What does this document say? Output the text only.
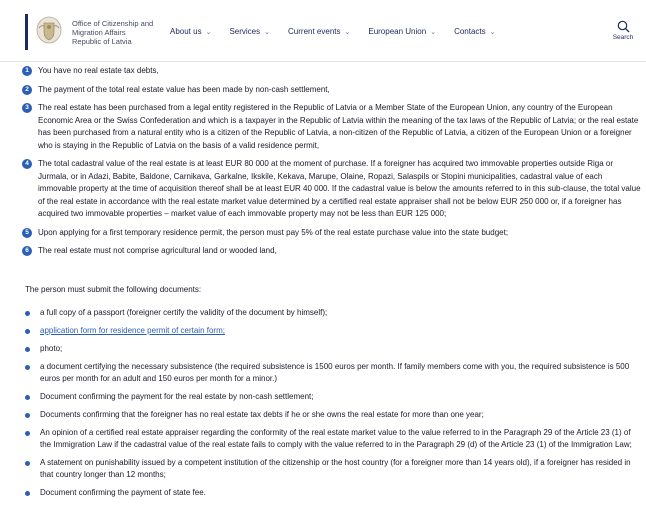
Office of Citizenship and
Migration Affairs
Republic of Latvia
About us ⌄ Services ⌄ Current events ⌄ European Union ⌄ Contacts ⌄
Search
1	You have no real estate tax debts,
2	The payment of the total real estate value has been made by non-cash settlement,
3	The real estate has been purchased from a legal entity registered in the Republic of Latvia or a Member State of the European Union, any country of the European Economic Area or the Swiss Confederation and which is a taxpayer in the Republic of Latvia within the meaning of the tax laws of the Republic of Latvia; or the real estate has been purchased from a natural entity who is a citizen of the Republic of Latvia, a non-citizen of the Republic of Latvia, a citizen of the European Union or a foreigner who is staying in the Republic of Latvia on the basis of a valid residence permit,
4	The total cadastral value of the real estate is at least EUR 80 000 at the moment of purchase. If a foreigner has acquired two immovable properties outside Riga or Jurmala, or in Adazi, Babite, Baldone, Carnikava, Garkalne, Ikskile, Kekava, Marupe, Olaine, Ropazi, Salaspils or Stopini municipalities, cadastral value of each immovable property at the time of acquisition thereof shall be at least EUR 40 000. If the cadastral value is below the amounts referred to in this sub-clause, the total value of the real estate in accordance with the real estate market value determined by a certified real estate appraiser shall not be below EUR 250 000 or, if a foreigner has acquired two immovable properties – market value of each immovable property may not be less than EUR 125 000;
5	Upon applying for a first temporary residence permit, the person must pay 5% of the real estate purchase value into the state budget;
6	The real estate must not comprise agricultural land or wooded land,
The person must submit the following documents:
a full copy of a passport (foreigner certify the validity of the document by himself);
application form for residence permit of certain form;
photo;
a document certifying the necessary subsistence (the required subsistence is 1500 euros per month. If family members come with you, the required subsistence is 500 euros per month for an adult and 150 euros per month for a minor.)
Document confirming the payment for the real estate by non-cash settlement;
Documents confirming that the foreigner has no real estate tax debts if he or she owns the real estate for more than one year;
An opinion of a certified real estate appraiser regarding the conformity of the real estate market value to the value referred to in the Paragraph 29 of the Article 23 (1) of the Immigration Law if the cadastral value of the real estate fails to comply with the value referred to in the Paragraph 29 (d) of the Article 23 (1) of the Immigration Law;
A statement on punishability issued by a competent institution of the citizenship or the host country (for a foreigner more than 14 years old), if a foreigner has resided in that country longer than 12 months;
Document confirming the payment of state fee.
